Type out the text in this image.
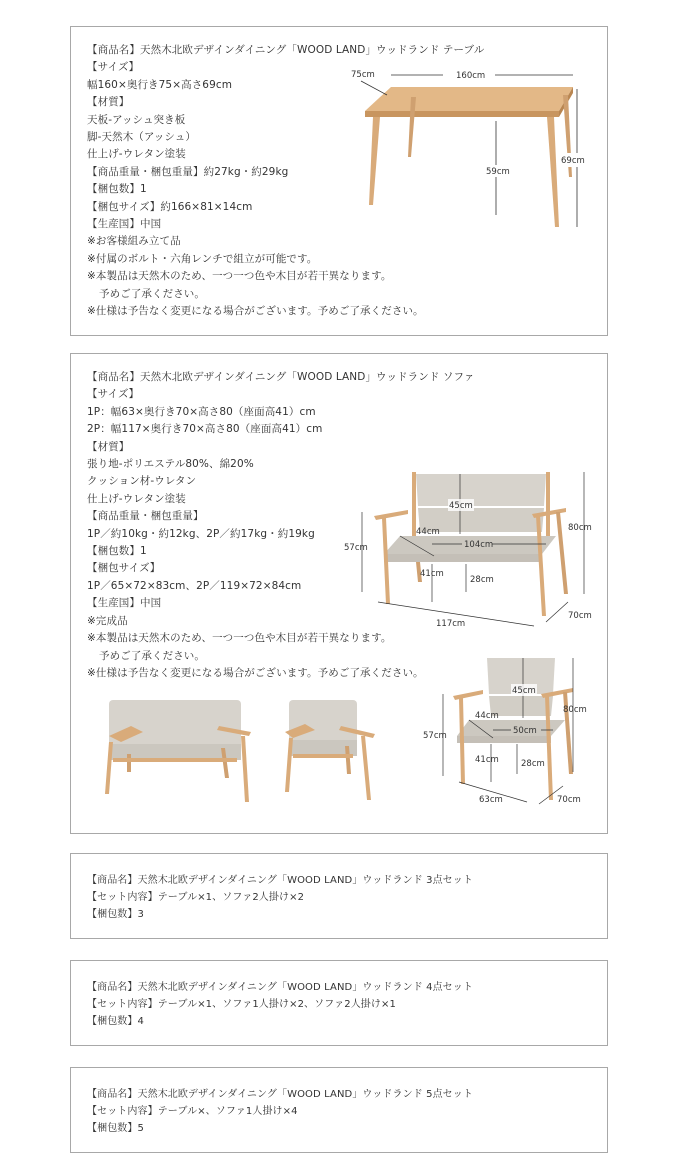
【商品名】天然木北欧デザインダイニング「WOOD LAND」ウッドランド テーブル
【サイズ】
幅160×奥行き75×高さ69cm
【材質】
天板-アッシュ突き板
脚-天然木（アッシュ）
仕上げ-ウレタン塗装
【商品重量・梱包重量】約27kg・約29kg
【梱包数】1
【梱包サイズ】約166×81×14cm
【生産国】中国
※お客様組み立て品
※付属のボルト・六角レンチで組立が可能です。
※本製品は天然木のため、一つ一つ色や木目が若干異なります。
予めご了承ください。
※仕様は予告なく変更になる場合がございます。予めご了承ください。
160cm
75cm
69cm
59cm
【商品名】天然木北欧デザインダイニング「WOOD LAND」ウッドランド ソファ
【サイズ】
1P：幅63×奥行き70×高さ80（座面高41）cm
2P：幅117×奥行き70×高さ80（座面高41）cm
【材質】
張り地-ポリエステル80%、綿20%
クッション材-ウレタン
仕上げ-ウレタン塗装
【商品重量・梱包重量】
1P／約10kg・約12kg、2P／約17kg・約19kg
【梱包数】1
【梱包サイズ】
1P／65×72×83cm、2P／119×72×84cm
【生産国】中国
※完成品
※本製品は天然木のため、一つ一つ色や木目が若干異なります。
予めご了承ください。
※仕様は予告なく変更になる場合がございます。予めご了承ください。
45cm
44cm
104cm
80cm
57cm
41cm
28cm
117cm
70cm
45cm
44cm
50cm
80cm
57cm
41cm	28cm
63cm	70cm
【商品名】天然木北欧デザインダイニング「WOOD LAND」ウッドランド 3点セット
【セット内容】テーブル×1、ソファ2人掛け×2
【梱包数】3
【商品名】天然木北欧デザインダイニング「WOOD LAND」ウッドランド 4点セット
【セット内容】テーブル×1、ソファ1人掛け×2、ソファ2人掛け×1
【梱包数】4
【商品名】天然木北欧デザインダイニング「WOOD LAND」ウッドランド 5点セット
【セット内容】テーブル×、ソファ1人掛け×4
【梱包数】5
